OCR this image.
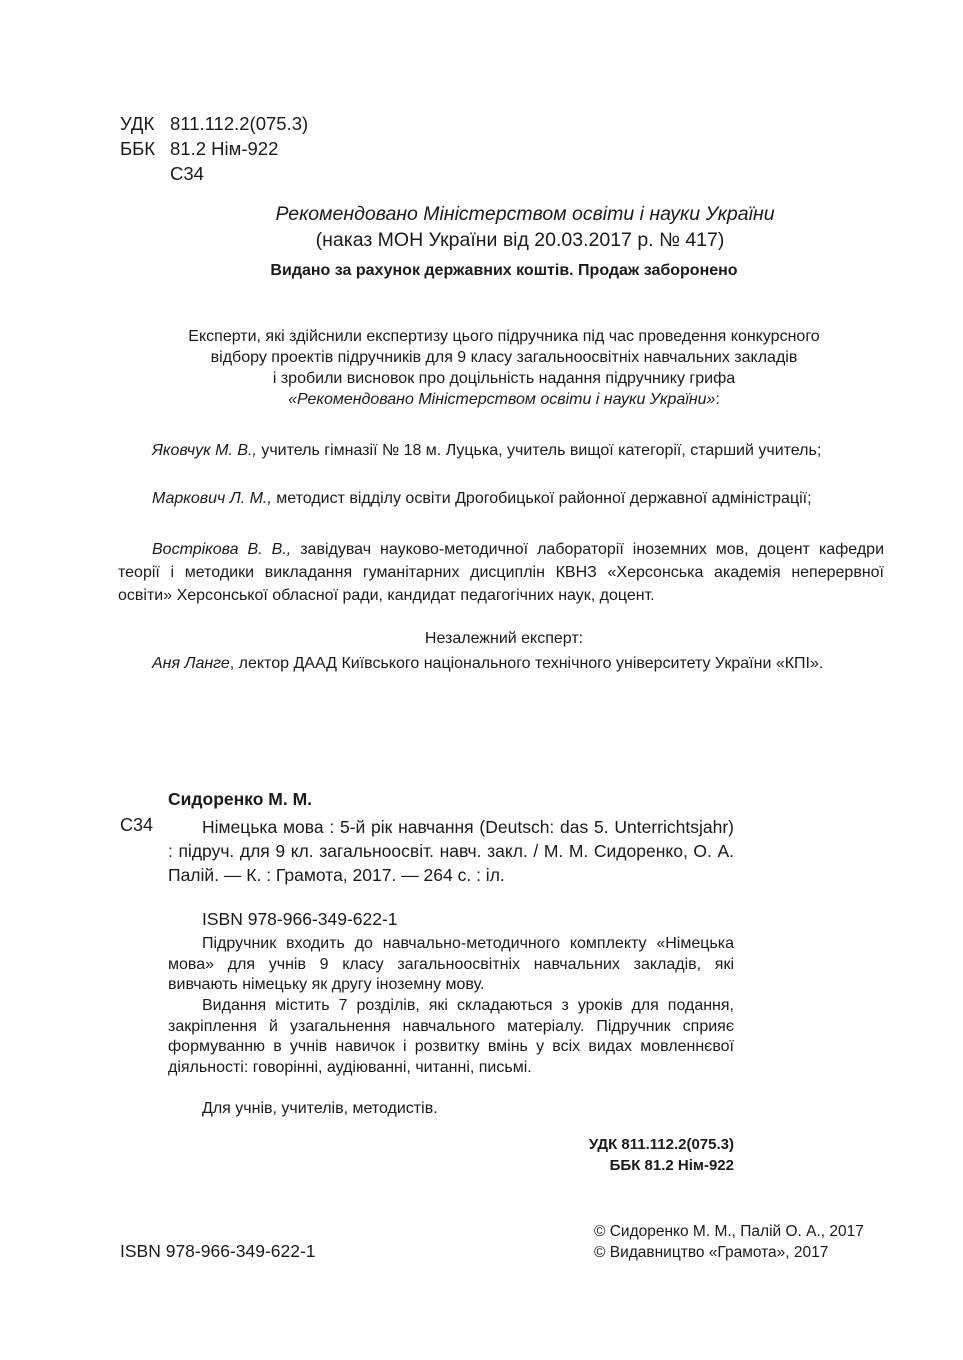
УДК 811.112.2(075.3)
ББК 81.2 Нім-922
С34
Рекомендовано Міністерством освіти і науки України
(наказ МОН України від 20.03.2017 р. № 417)
Видано за рахунок державних коштів. Продаж заборонено
Експерти, які здійснили експертизу цього підручника під час проведення конкурсного
відбору проектів підручників для 9 класу загальноосвітніх навчальних закладів
і зробили висновок про доцільність надання підручнику грифа
«Рекомендовано Міністерством освіти і науки України»:
Яковчук М. В., учитель гімназії № 18 м. Луцька, учитель вищої категорії, старший учитель;
Маркович Л. М., методист відділу освіти Дрогобицької районної державної адміністрації;
Вострікова В. В., завідувач науково-методичної лабораторії іноземних мов, доцент кафедри теорії і методики викладання гуманітарних дисциплін КВНЗ «Херсонська академія неперервної освіти» Херсонської обласної ради, кандидат педагогічних наук, доцент.
Незалежний експерт:
Аня Ланге, лектор ДААД Київського національного технічного університету України «КПІ».
Сидоренко М. М.
С34	Німецька мова : 5-й рік навчання (Deutsch: das 5. Unterrichtsjahr) : підруч. для 9 кл. загальноосвіт. навч. закл. / М. М. Сидоренко, О. А. Палій. — К. : Грамота, 2017. — 264 с. : іл.
ISBN 978-966-349-622-1
Підручник входить до навчально-методичного комплекту «Німецька мова» для учнів 9 класу загальноосвітніх навчальних закладів, які вивчають німецьку як другу іноземну мову.
Видання містить 7 розділів, які складаються з уроків для подання, закріплення й узагальнення навчального матеріалу. Підручник сприяє формуванню в учнів навичок і розвитку вмінь у всіх видах мовленнєвої діяльності: говорінні, аудіюванні, читанні, письмі.
Для учнів, учителів, методистів.
УДК 811.112.2(075.3)
ББК 81.2 Нім-922
© Сидоренко М. М., Палій О. А., 2017
© Видавництво «Грамота», 2017
ISBN 978-966-349-622-1
